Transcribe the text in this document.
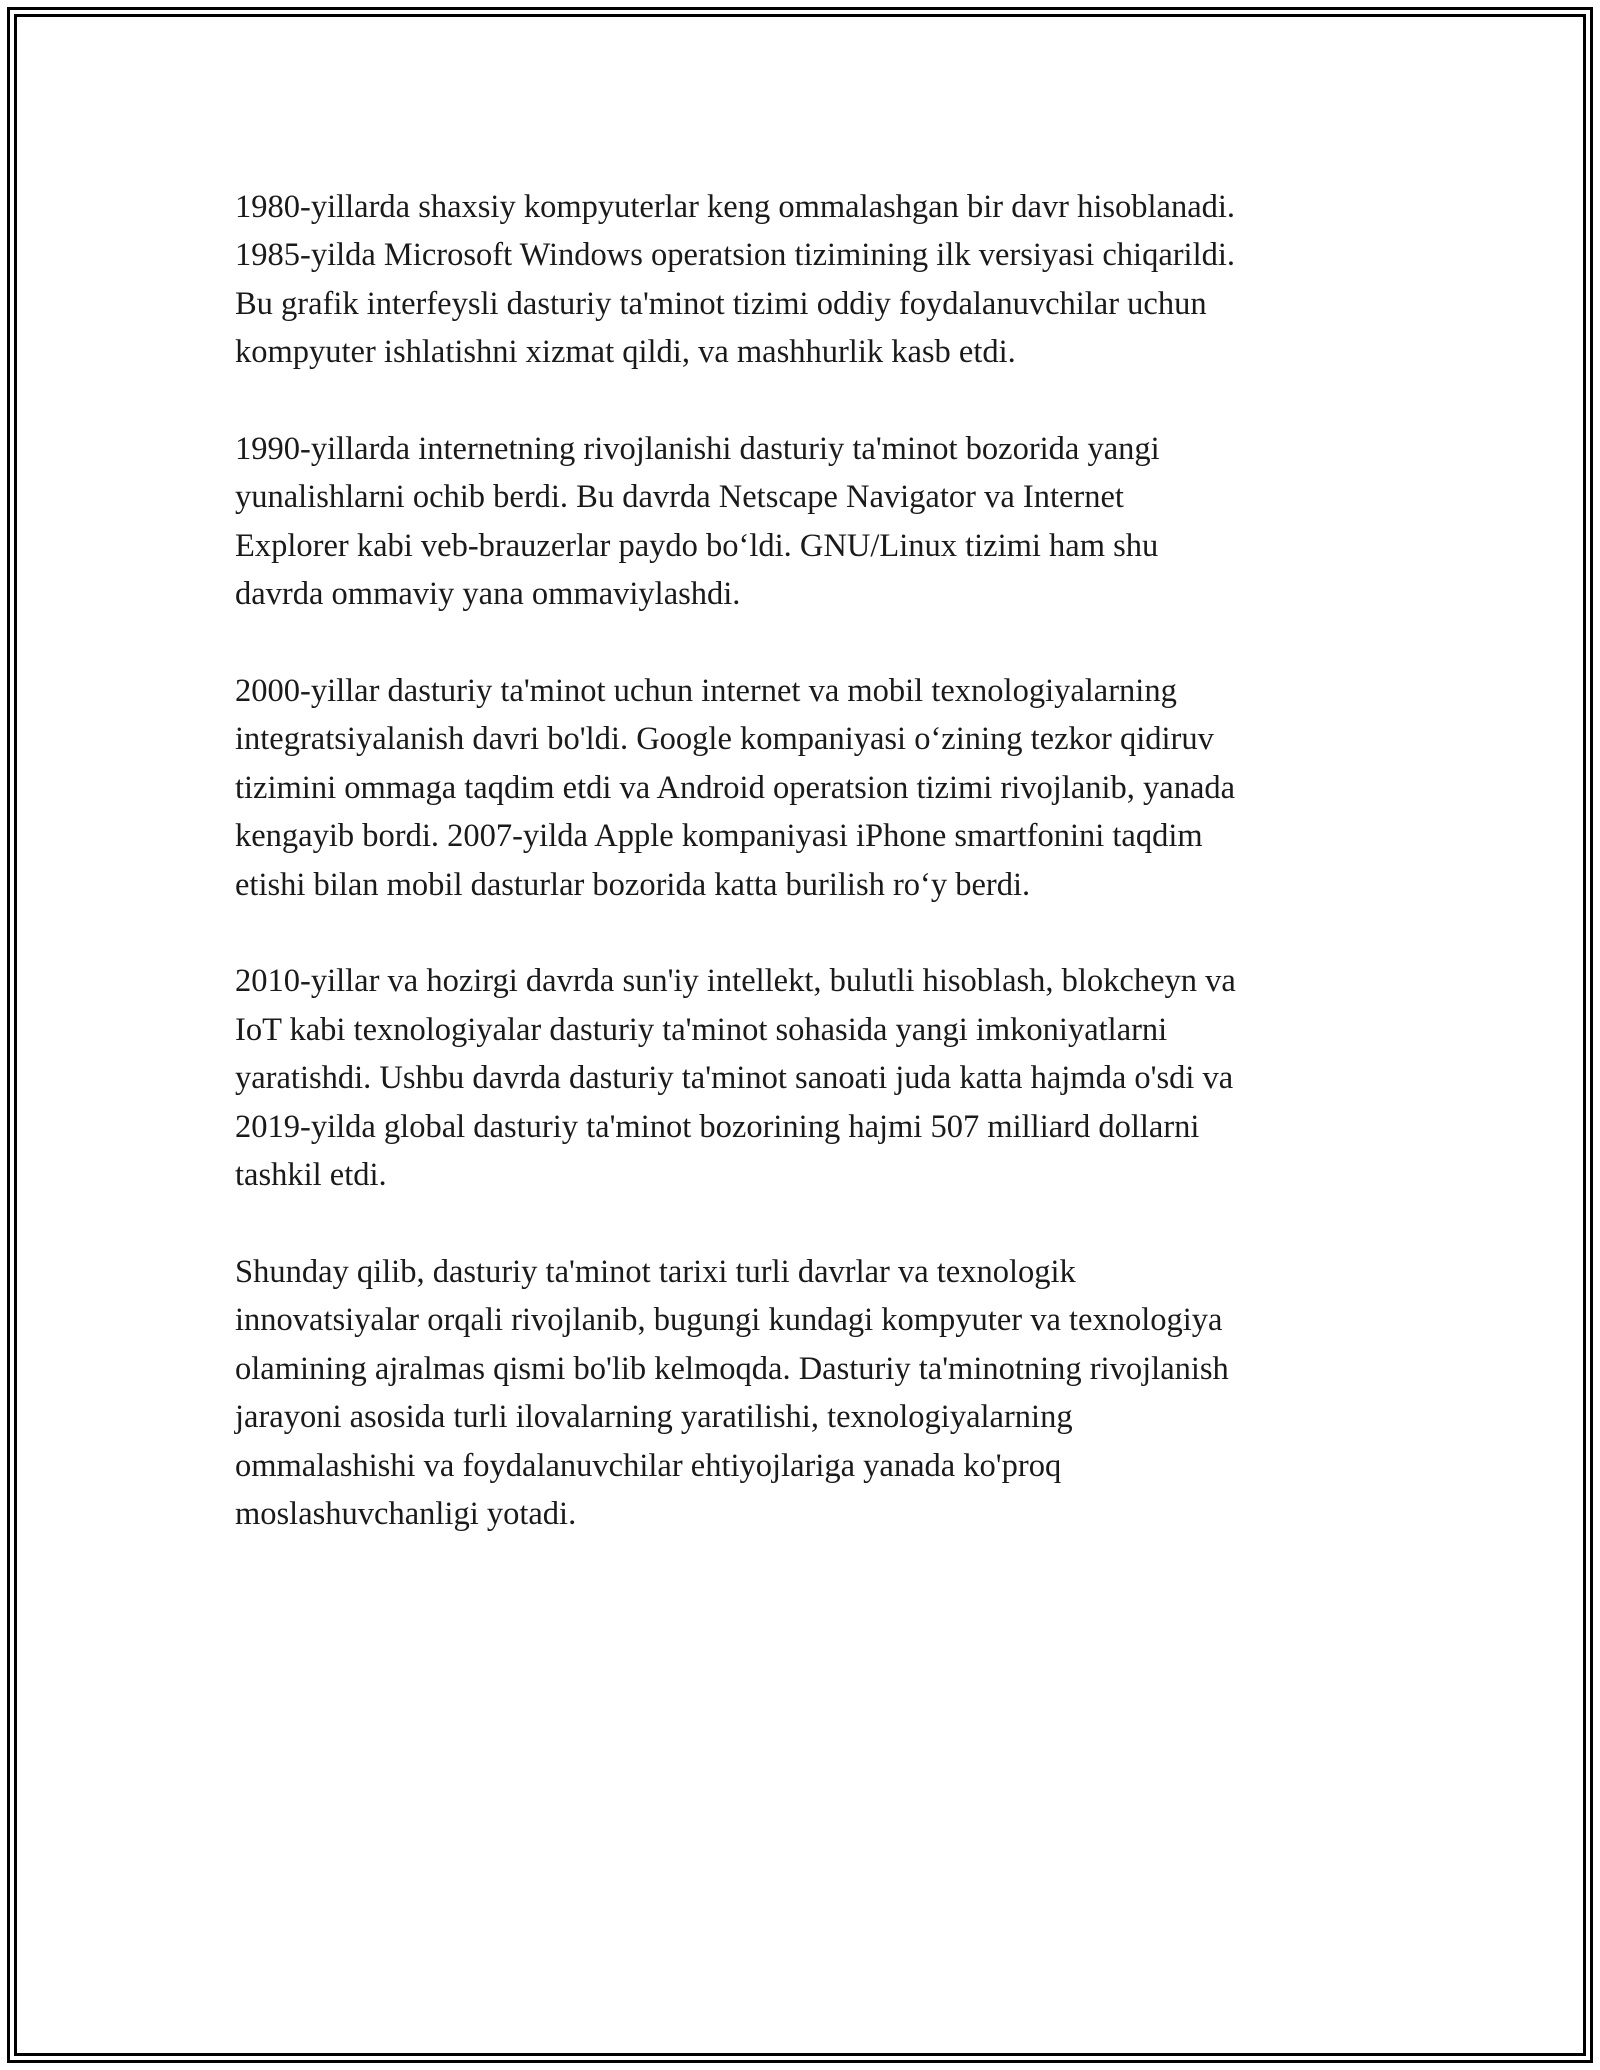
1980-yillarda shaxsiy kompyuterlar keng ommalashgan bir davr hisoblanadi.
1985-yilda Microsoft Windows operatsion tizimining ilk versiyasi chiqarildi.
Bu grafik interfeysli dasturiy ta'minot tizimi oddiy foydalanuvchilar uchun
kompyuter ishlatishni xizmat qildi, va mashhurlik kasb etdi.

1990-yillarda internetning rivojlanishi dasturiy ta'minot bozorida yangi
yunalishlarni ochib berdi. Bu davrda Netscape Navigator va Internet
Explorer kabi veb-brauzerlar paydo bo‘ldi. GNU/Linux tizimi ham shu
davrda ommaviy yana ommaviylashdi.

2000-yillar dasturiy ta'minot uchun internet va mobil texnologiyalarning
integratsiyalanish davri bo'ldi. Google kompaniyasi o‘zining tezkor qidiruv
tizimini ommaga taqdim etdi va Android operatsion tizimi rivojlanib, yanada
kengayib bordi. 2007-yilda Apple kompaniyasi iPhone smartfonini taqdim
etishi bilan mobil dasturlar bozorida katta burilish ro‘y berdi.

2010-yillar va hozirgi davrda sun'iy intellekt, bulutli hisoblash, blokcheyn va
IoT kabi texnologiyalar dasturiy ta'minot sohasida yangi imkoniyatlarni
yaratishdi. Ushbu davrda dasturiy ta'minot sanoati juda katta hajmda o'sdi va
2019-yilda global dasturiy ta'minot bozorining hajmi 507 milliard dollarni
tashkil etdi.

Shunday qilib, dasturiy ta'minot tarixi turli davrlar va texnologik
innovatsiyalar orqali rivojlanib, bugungi kundagi kompyuter va texnologiya
olamining ajralmas qismi bo'lib kelmoqda. Dasturiy ta'minotning rivojlanish
jarayoni asosida turli ilovalarning yaratilishi, texnologiyalarning
ommalashishi va foydalanuvchilar ehtiyojlariga yanada ko'proq
moslashuvchanligi yotadi.
